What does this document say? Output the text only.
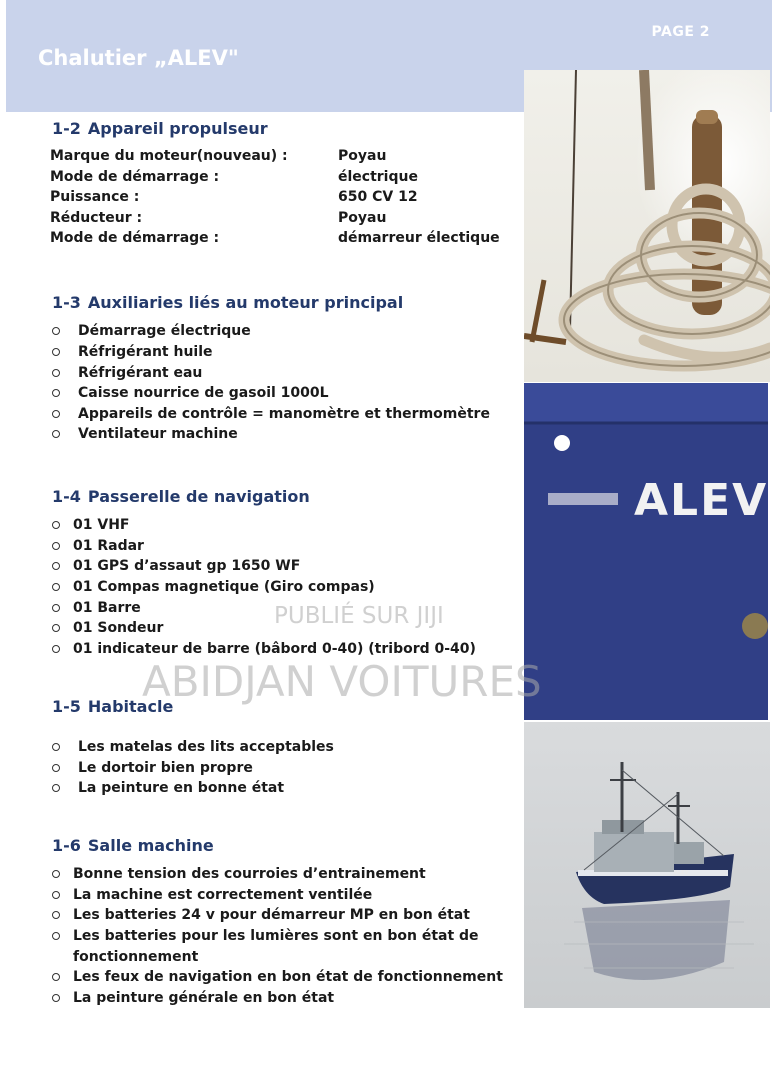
PAGE 2
Chalutier „ALEV"
ALEV
ALEV
1-2 Appareil propulseur
Marque du moteur(nouveau) :	Poyau
Mode de démarrage :	électrique
Puissance :	650 CV 12
Réducteur :	Poyau
Mode de démarrage :	démarreur électique
1-3 Auxiliaries liés au moteur principal
Démarrage électrique
Réfrigérant huile
Réfrigérant eau
Caisse nourrice de gasoil 1000L
Appareils de contrôle = manomètre et thermomètre
Ventilateur machine
1-4 Passerelle de navigation
01 VHF
01 Radar
01 GPS d’assaut gp 1650 WF
01 Compas magnetique (Giro compas)
01 Barre
01 Sondeur
01 indicateur de barre (bâbord 0-40) (tribord 0-40)
1-5 Habitacle
Les matelas des lits acceptables
Le dortoir bien propre
La peinture en bonne état
1-6 Salle machine
Bonne tension des courroies d’entrainement
La machine est correctement ventilée
Les batteries 24 v pour démarreur MP en bon état
Les batteries pour les lumières sont en bon état de fonctionnement
Les feux de navigation en bon état de fonctionnement
La peinture générale en bon état
PUBLIÉ SUR JIJI
ABIDJAN VOITURES
